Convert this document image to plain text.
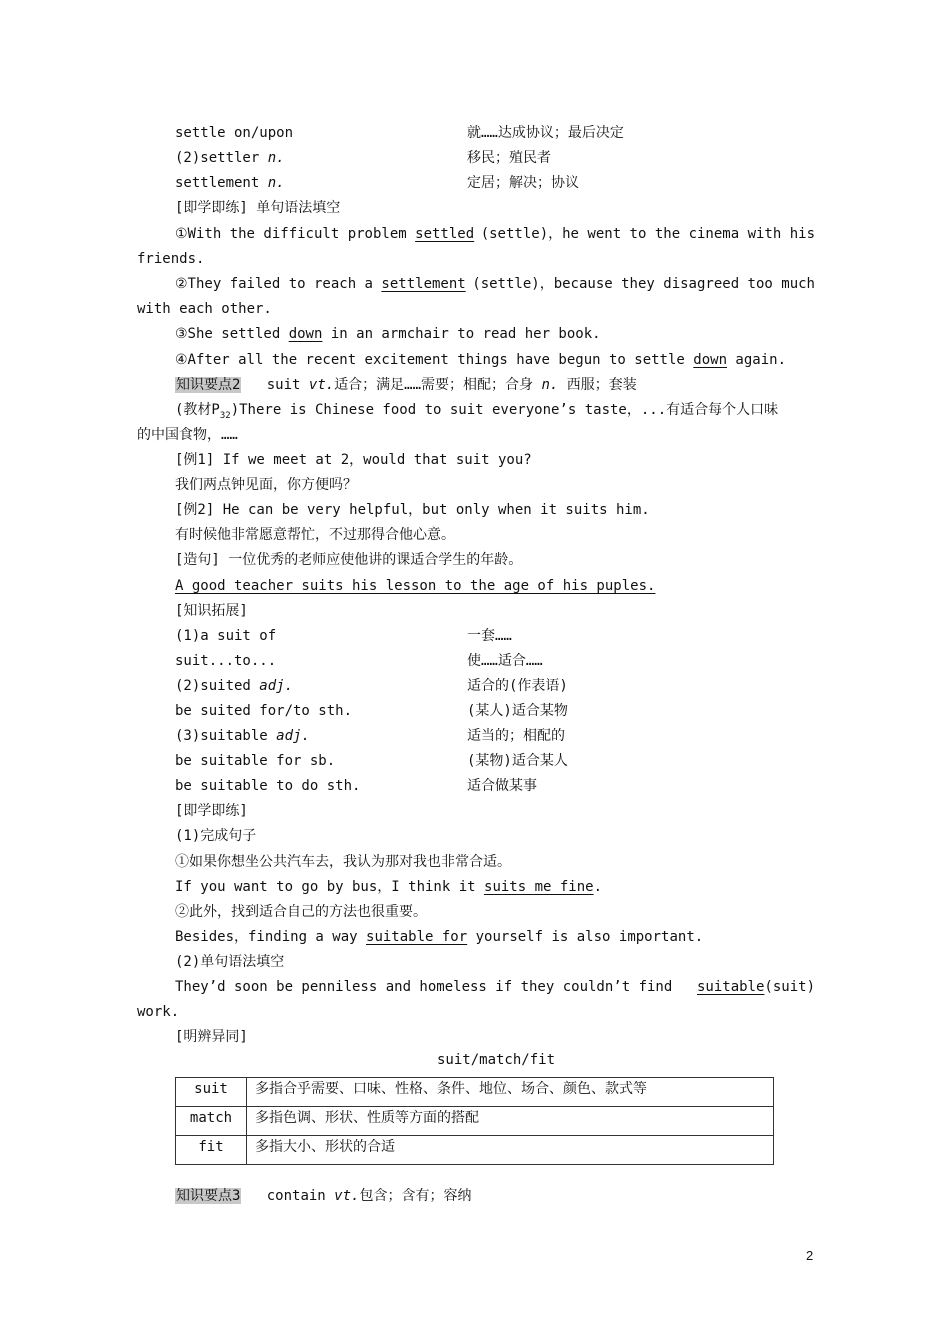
settle on/upon	就……达成协议；最后决定
(2)settler n.	移民；殖民者
settlement n.	定居；解决；协议
[即学即练] 单句语法填空
①With the difficult problem settled (settle)，he went to the cinema with his
friends.
②They failed to reach a settlement (settle)，because they disagreed too much
with each other.
③She settled down in an armchair to read her book.
④After all the recent excitement things have begun to settle down again.
知识要点2 suit vt.适合；满足……需要；相配；合身 n. 西服；套装
(教材$P_{32})There$ is Chinese food to suit everyone’s taste，...有适合每个人口味
的中国食物，……
[例1] If we meet at 2，would that suit you?
我们两点钟见面，你方便吗？
[例2] He can be very helpful，but only when it suits him.
有时候他非常愿意帮忙，不过那得合他心意。
[造句] 一位优秀的老师应使他讲的课适合学生的年龄。
A good teacher suits his lesson to the age of his puples.
[知识拓展]
(1)a suit of	一套……
suit...to...	使……适合……
(2)suited adj.	适合的(作表语)
be suited for/to sth.	(某人)适合某物
(3)suitable adj.	适当的；相配的
be suitable for sb.	(某物)适合某人
be suitable to do sth.	适合做某事
[即学即练]
(1)完成句子
①如果你想坐公共汽车去，我认为那对我也非常合适。
If you want to go by bus，I think it suits me fine.
②此外，找到适合自己的方法也很重要。
Besides，finding a way suitable for yourself is also important.
(2)单句语法填空
They’d soon be penniless and homeless if they couldn’t find suitable(suit)
work.
[明辨异同]
suit/match/fit
suit	多指合乎需要、口味、性格、条件、地位、场合、颜色、款式等
match	多指色调、形状、性质等方面的搭配
fit	多指大小、形状的合适
知识要点3 contain vt.包含；含有；容纳
2
